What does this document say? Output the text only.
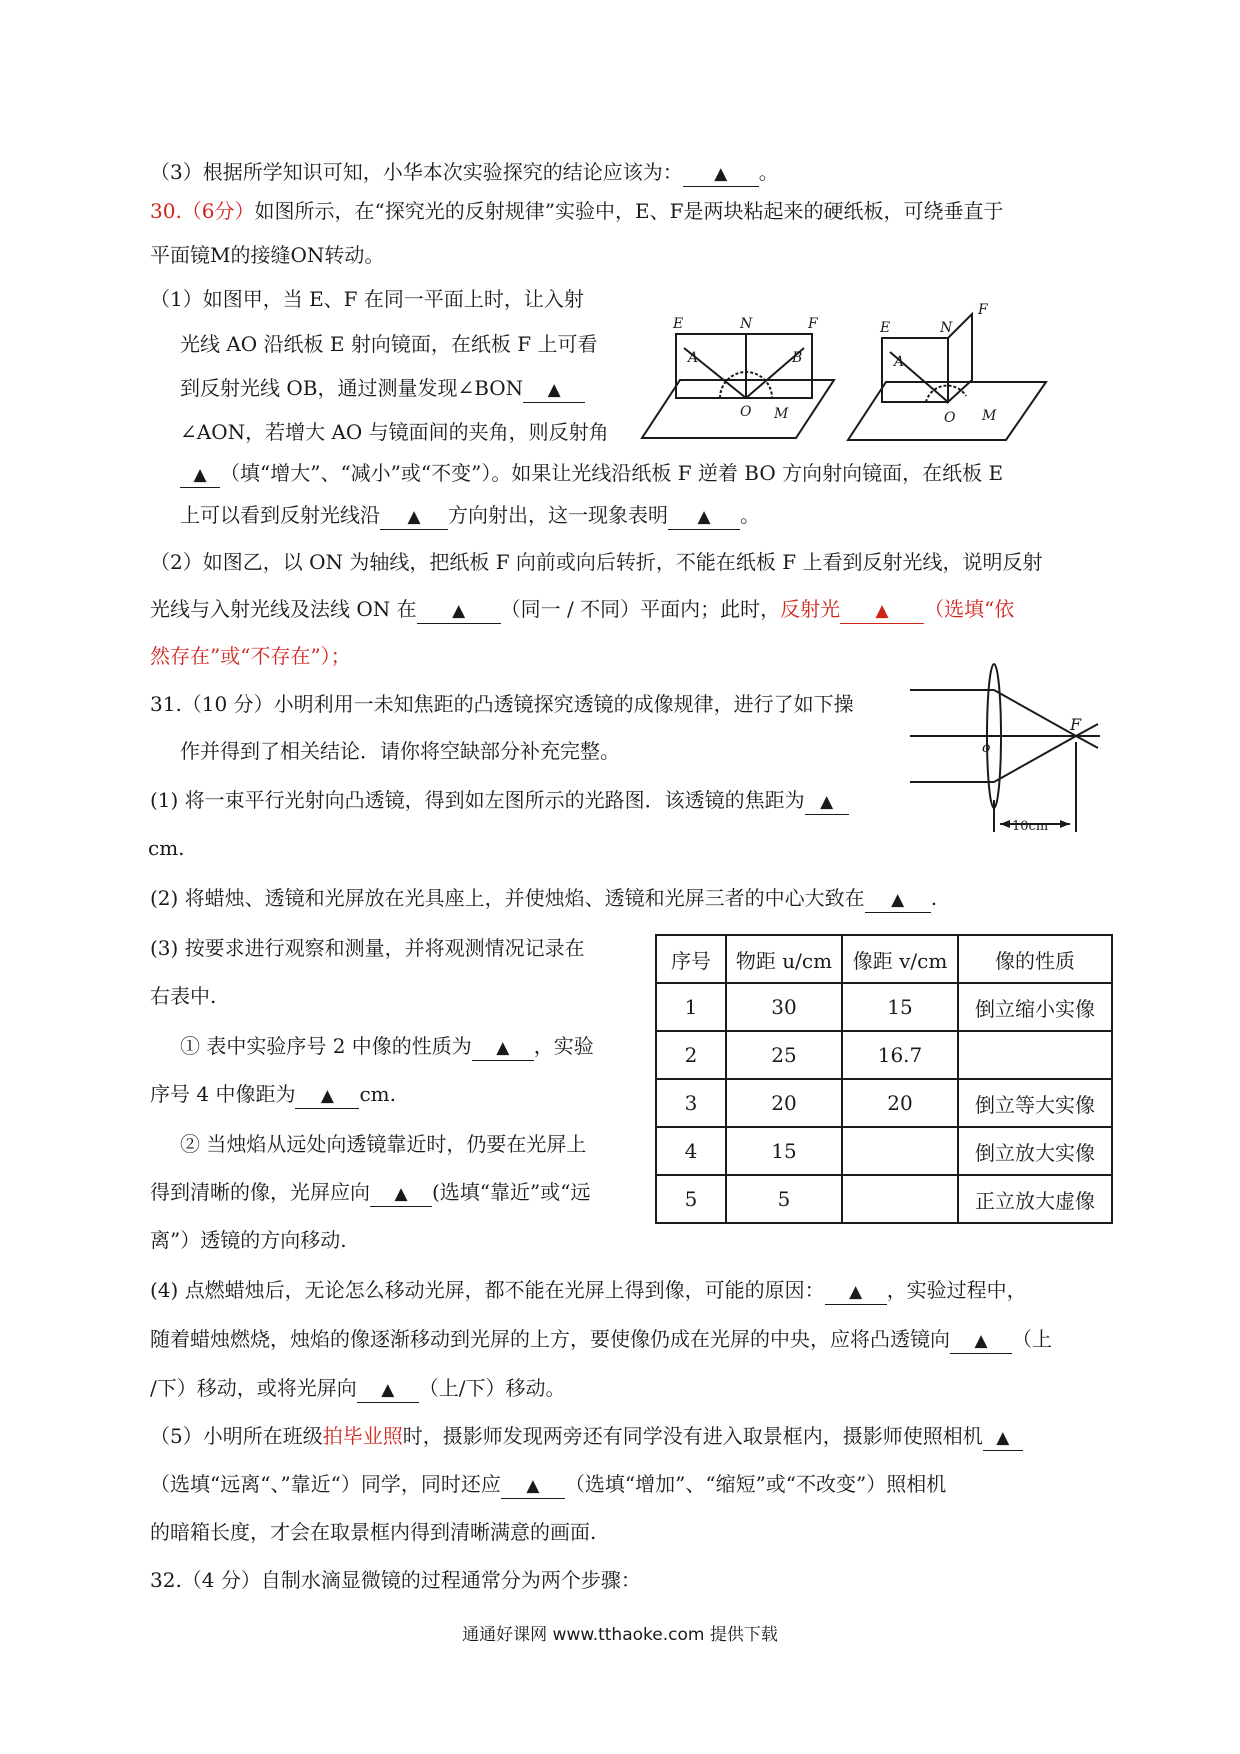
（3）根据所学知识可知，小华本次实验探究的结论应该为： ▲ 。
30.（6分）如图所示，在“探究光的反射规律”实验中，E、F是两块粘起来的硬纸板，可绕垂直于
平面镜M的接缝ON转动。
（1）如图甲，当 E、F 在同一平面上时，让入射
光线 AO 沿纸板 E 射向镜面，在纸板 F 上可看
到反射光线 OB，通过测量发现∠BON ▲
∠AON，若增大 AO 与镜面间的夹角，则反射角
▲ （填“增大”、“减小”或“不变”）。如果让光线沿纸板 F 逆着 BO 方向射向镜面，在纸板 E
上可以看到反射光线沿 ▲ 方向射出，这一现象表明 ▲ 。
E	N	F
A	B
O M
E	N
F
A
O M
（2）如图乙，以 ON 为轴线，把纸板 F 向前或向后转折，不能在纸板 F 上看到反射光线，说明反射
光线与入射光线及法线 ON 在 ▲ （同一 / 不同）平面内；此时，反射光 ▲ （选填“依
然存在”或“不存在”）；
31.（10 分）小明利用一未知焦距的凸透镜探究透镜的成像规律，进行了如下操
作并得到了相关结论．请你将空缺部分补充完整。	o
F
10cm
(1) 将一束平行光射向凸透镜，得到如左图所示的光路图．该透镜的焦距为 ▲
cm.
(2) 将蜡烛、透镜和光屏放在光具座上，并使烛焰、透镜和光屏三者的中心大致在 ▲ .
(3) 按要求进行观察和测量，并将观测情况记录在
右表中.
① 表中实验序号 2 中像的性质为 ▲ ，实验
序号 4 中像距为 ▲ cm.
② 当烛焰从远处向透镜靠近时，仍要在光屏上
得到清晰的像，光屏应向 ▲ (选填“靠近”或“远
离”）透镜的方向移动.
序号	物距 u/cm	像距 v/cm	像的性质
1	30	15	倒立缩小实像
2	25	16.7	
3	20	20	倒立等大实像
4	15		倒立放大实像
5	5		正立放大虚像
(4) 点燃蜡烛后，无论怎么移动光屏，都不能在光屏上得到像，可能的原因： ▲ ，实验过程中，
随着蜡烛燃烧，烛焰的像逐渐移动到光屏的上方，要使像仍成在光屏的中央，应将凸透镜向 ▲ （上
/下）移动，或将光屏向 ▲ （上/下）移动。
（5）小明所在班级拍毕业照时，摄影师发现两旁还有同学没有进入取景框内，摄影师使照相机 ▲
（选填“远离“、”靠近“）同学，同时还应 ▲ （选填“增加”、“缩短”或“不改变”）照相机
的暗箱长度，才会在取景框内得到清晰满意的画面.
32.（4 分）自制水滴显微镜的过程通常分为两个步骤：
通通好课网 www.tthaoke.com 提供下载
